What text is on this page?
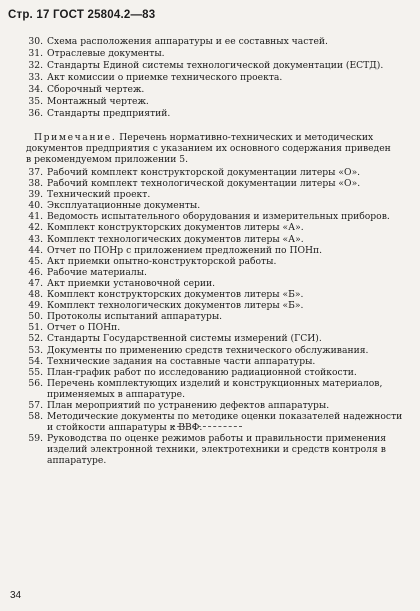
Стр. 17 ГОСТ 25804.2—83
30. Схема расположения аппаратуры и ее составных частей.
31. Отраслевые документы.
32. Стандарты Единой системы технологической документации (ЕСТД).
33. Акт комиссии о приемке технического проекта.
34. Сборочный чертеж.
35. Монтажный чертеж.
36. Стандарты предприятий.
Примечание. Перечень нормативно-технических и методических документов предприятия с указанием их основного содержания приведен в рекомендуемом приложении 5.
37. Рабочий комплект конструкторской документации литеры «О».
38. Рабочий комплект технологической документации литеры «О».
39. Технический проект.
40. Эксплуатационные документы.
41. Ведомость испытательного оборудования и измерительных приборов.
42. Комплект конструкторских документов литеры «А».
43. Комплект технологических документов литеры «А».
44. Отчет по ПОНр с приложением предложений по ПОНп.
45. Акт приемки опытно-конструкторской работы.
46. Рабочие материалы.
47. Акт приемки установочной серии.
48. Комплект конструкторских документов литеры «Б».
49. Комплект технологических документов литеры «Б».
50. Протоколы испытаний аппаратуры.
51. Отчет о ПОНп.
52. Стандарты Государственной системы измерений (ГСИ).
53. Документы по применению средств технического обслуживания.
54. Технические задания на составные части аппаратуры.
55. План-график работ по исследованию радиационной стойкости.
56. Перечень комплектующих изделий и конструкционных материалов, применяемых в аппаратуре.
57. План мероприятий по устранению дефектов аппаратуры.
58. Методические документы по методике оценки показателей надежности и стойкости аппаратуры к ВВФ.
59. Руководства по оценке режимов работы и правильности применения изделий электронной техники, электротехники и средств контроля в аппаратуре.
34
